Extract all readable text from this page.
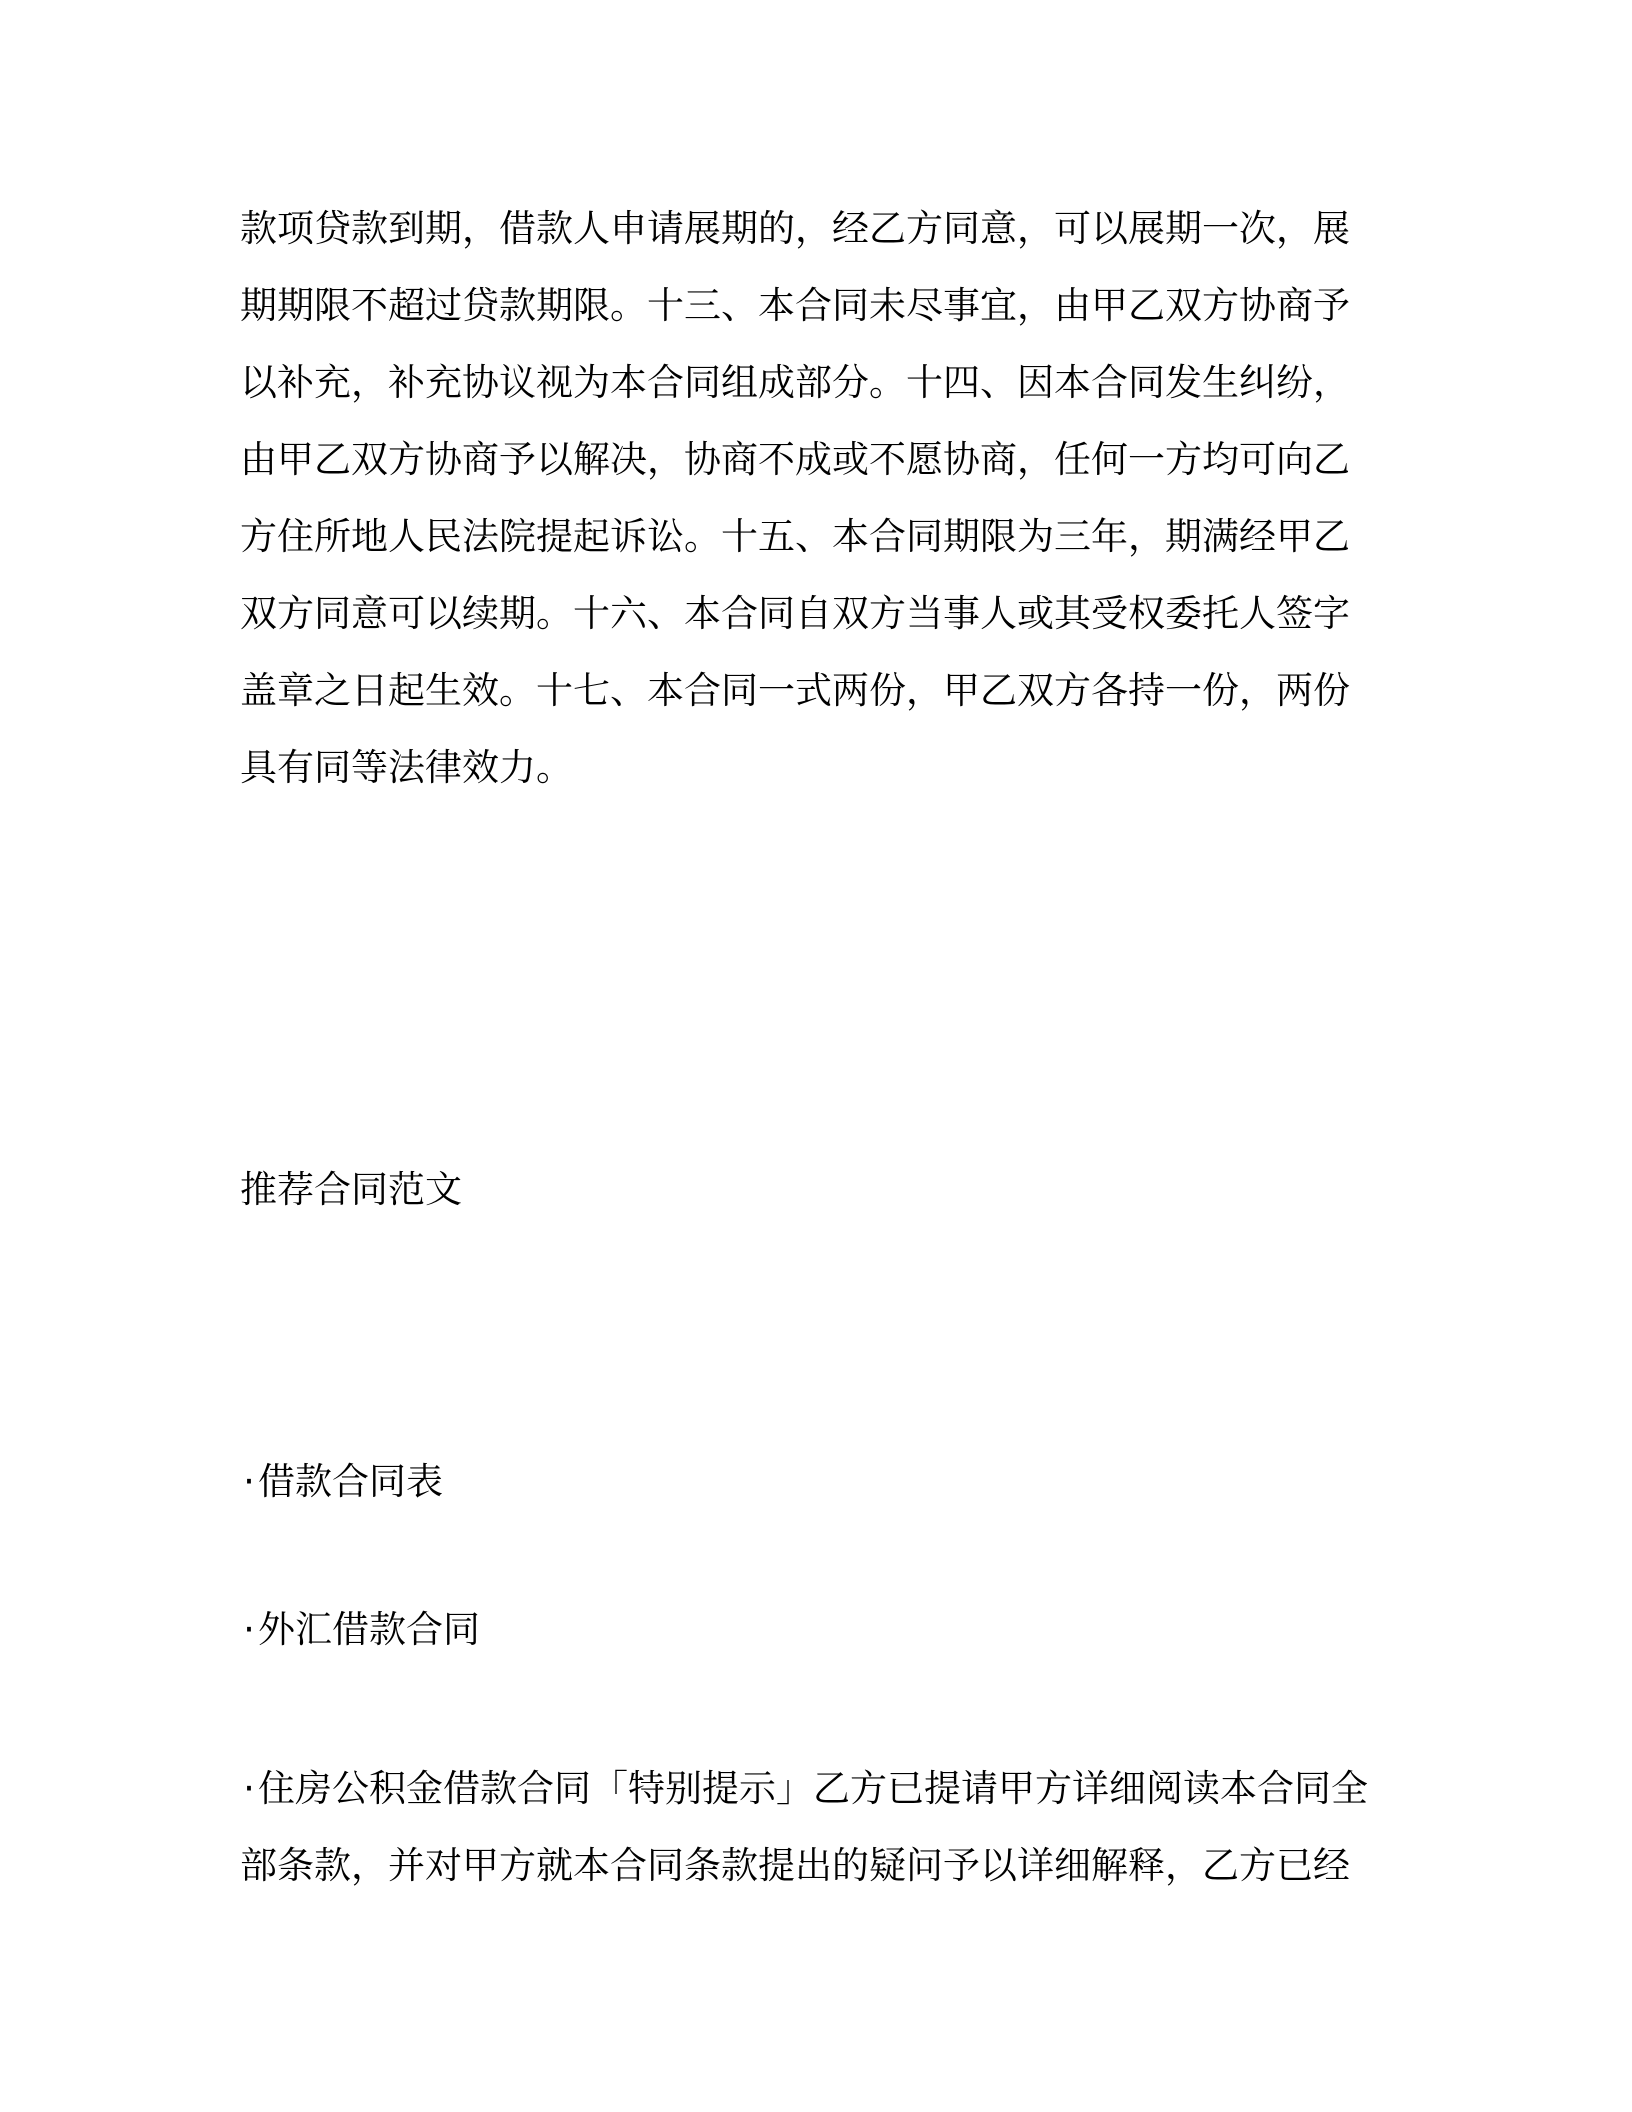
款项贷款到期，借款人申请展期的，经乙方同意，可以展期一次，展
期期限不超过贷款期限。十三、本合同未尽事宜，由甲乙双方协商予
以补充，补充协议视为本合同组成部分。十四、因本合同发生纠纷，
由甲乙双方协商予以解决，协商不成或不愿协商，任何一方均可向乙
方住所地人民法院提起诉讼。十五、本合同期限为三年，期满经甲乙
双方同意可以续期。十六、本合同自双方当事人或其受权委托人签字
盖章之日起生效。十七、本合同一式两份，甲乙双方各持一份，两份
具有同等法律效力。
推荐合同范文

·借款合同表

·外汇借款合同

·住房公积金借款合同「特别提示」乙方已提请甲方详细阅读本合同全
部条款，并对甲方就本合同条款提出的疑问予以详细解释，乙方已经
